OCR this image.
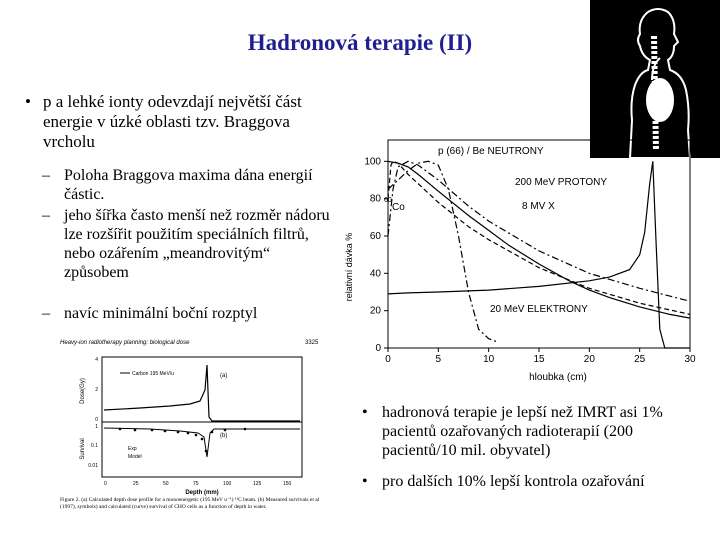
Hadronová terapie (II)
• p a lehké ionty odevzdají největší část energie v úzké oblasti tzv. Braggova vrcholu
– Poloha Braggova maxima dána energií částic.
– jeho šířka často menší než rozměr nádoru lze rozšířit použitím speciálních filtrů, nebo ozářením „meandrovitým“ způsobem
– navíc minimální boční rozptyl
• hadronová terapie je lepší než IMRT asi 1% pacientů ozařovaných radioterapií (200 pacientů/10 mil. obyvatel)
• pro dalších 10% lepší kontrola ozařování
0	5	10	15	20	25	30
0
20
40
60
80
100
relativní dávka %
hloubka (cm)
p (66) / Be NEUTRONY
200 MeV PROTONY
8 MV X
60
Co
20 MeV ELEKTRONY
Heavy-ion radiotherapy planning: biological dose	3325
Dose(Gy)
0
2
4
Carbon 195 MeV/u	(a)
Survival
1
0.1
0.01
(b)
Exp
Model
0	25	50	75	100	125	150
Depth (mm)
Figure 2. (a) Calculated depth dose profile for a monoenergetic (195 MeV u⁻¹) ¹²C beam. (b) Measured survivals et al (1997), symbols) and calculated (curve) survival of CHO cells as a function of depth in water.
